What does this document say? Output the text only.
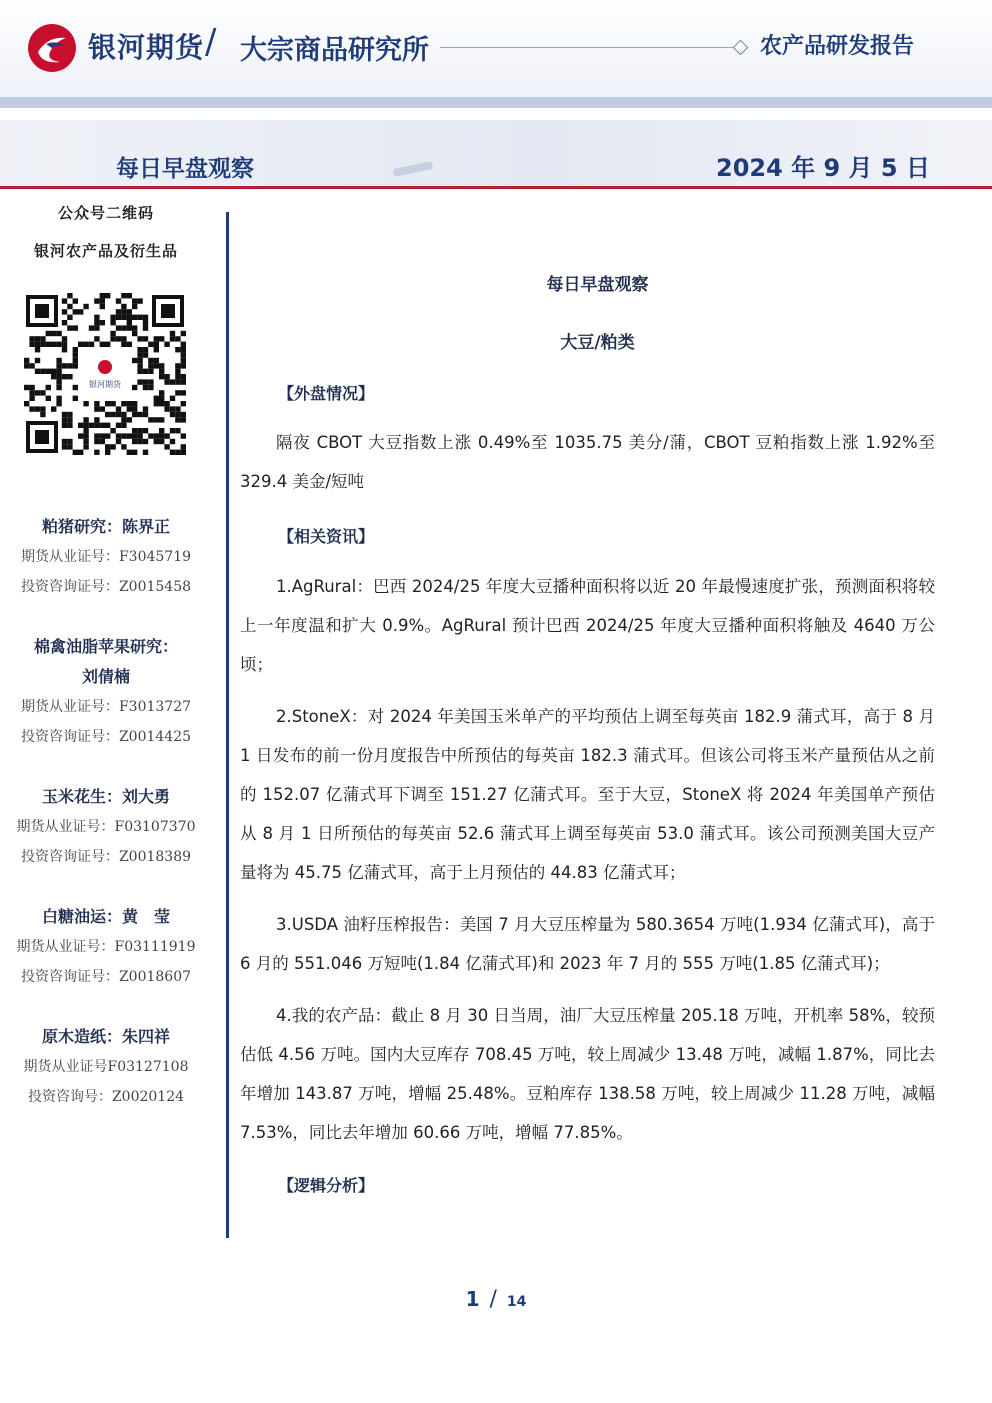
银河期货 / 大宗商品研究所	农产品研发报告
每日早盘观察	2024 年 9 月 5 日
公众号二维码
银河农产品及衍生品
银河期货
粕猪研究：陈界正
期货从业证号：F3045719
投资咨询证号：Z0015458
棉禽油脂苹果研究：
刘倩楠
期货从业证号：F3013727
投资咨询证号：Z0014425
玉米花生：刘大勇
期货从业证号：F03107370
投资咨询证号：Z0018389
白糖油运：黄　莹
期货从业证号：F03111919
投资咨询证号：Z0018607
原木造纸：朱四祥
期货从业证号F03127108
投资咨询号：Z0020124
每日早盘观察
大豆/粕类
【外盘情况】
隔夜 CBOT 大豆指数上涨 0.49%至 1035.75 美分/蒲，CBOT 豆粕指数上涨 1.92%至 329.4 美金/短吨
【相关资讯】
1.AgRural：巴西 2024/25 年度大豆播种面积将以近 20 年最慢速度扩张，预测面积将较上一年度温和扩大 0.9%。AgRural 预计巴西 2024/25 年度大豆播种面积将触及 4640 万公顷；
2.StoneX：对 2024 年美国玉米单产的平均预估上调至每英亩 182.9 蒲式耳，高于 8 月 1 日发布的前一份月度报告中所预估的每英亩 182.3 蒲式耳。但该公司将玉米产量预估从之前的 152.07 亿蒲式耳下调至 151.27 亿蒲式耳。至于大豆，StoneX 将 2024 年美国单产预估从 8 月 1 日所预估的每英亩 52.6 蒲式耳上调至每英亩 53.0 蒲式耳。该公司预测美国大豆产量将为 45.75 亿蒲式耳，高于上月预估的 44.83 亿蒲式耳；
3.USDA 油籽压榨报告：美国 7 月大豆压榨量为 580.3654 万吨(1.934 亿蒲式耳)，高于 6 月的 551.046 万短吨(1.84 亿蒲式耳)和 2023 年 7 月的 555 万吨(1.85 亿蒲式耳)；
4.我的农产品：截止 8 月 30 日当周，油厂大豆压榨量 205.18 万吨，开机率 58%，较预估低 4.56 万吨。国内大豆库存 708.45 万吨，较上周减少 13.48 万吨，减幅 1.87%，同比去年增加 143.87 万吨，增幅 25.48%。豆粕库存 138.58 万吨，较上周减少 11.28 万吨，减幅 7.53%，同比去年增加 60.66 万吨，增幅 77.85%。
【逻辑分析】
1 / 14
